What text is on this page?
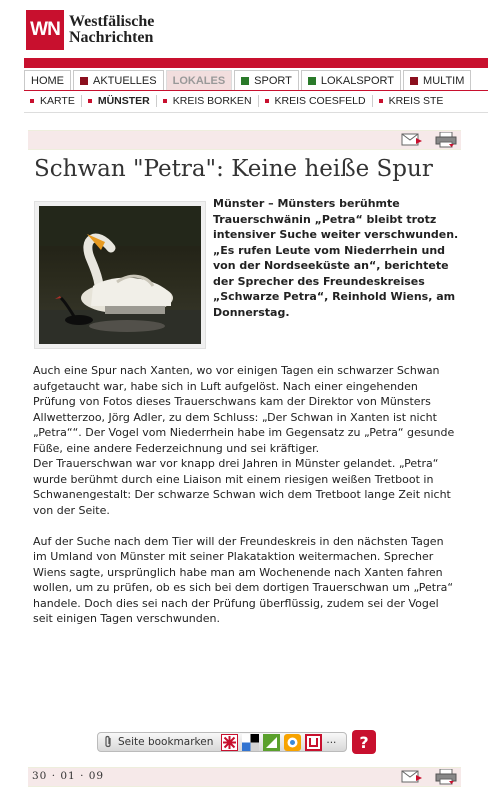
WN Westfälische
Nachrichten
HOME	AKTUELLES LOKALES	SPORT	LOKALSPORT	MULTIM
KARTE MÜNSTER KREIS BORKEN KREIS COESFELD KREIS STE
Schwan "Petra": Keine heiße Spur

Münster – Münsters berühmte Trauerschwänin „Petra“ bleibt trotz intensiver Suche weiter verschwunden. „Es rufen Leute vom Niederrhein und von der Nordseeküste an“, berichtete der Sprecher des Freundeskreises „Schwarze Petra“, Reinhold Wiens, am Donnerstag.

Auch eine Spur nach Xanten, wo vor einigen Tagen ein schwarzer Schwan aufgetaucht war, habe sich in Luft aufgelöst. Nach einer eingehenden Prüfung von Fotos dieses Trauerschwans kam der Direktor von Münsters Allwetterzoo, Jörg Adler, zu dem Schluss: „Der Schwan in Xanten ist nicht „Petra““. Der Vogel vom Niederrhein habe im Gegensatz zu „Petra“ gesunde Füße, eine andere Federzeichnung und sei kräftiger.

Der Trauerschwan war vor knapp drei Jahren in Münster gelandet. „Petra“ wurde berühmt durch eine Liaison mit einem riesigen weißen Tretboot in Schwanengestalt: Der schwarze Schwan wich dem Tretboot lange Zeit nicht von der Seite.

Auf der Suche nach dem Tier will der Freundeskreis in den nächsten Tagen im Umland von Münster mit seiner Plakataktion weitermachen. Sprecher Wiens sagte, ursprünglich habe man am Wochenende nach Xanten fahren wollen, um zu prüfen, ob es sich bei dem dortigen Trauerschwan um „Petra“ handele. Doch dies sei nach der Prüfung überflüssig, zudem sei der Vogel seit einigen Tagen verschwunden.

Seite bookmarken	...	?
30 · 01 · 09
